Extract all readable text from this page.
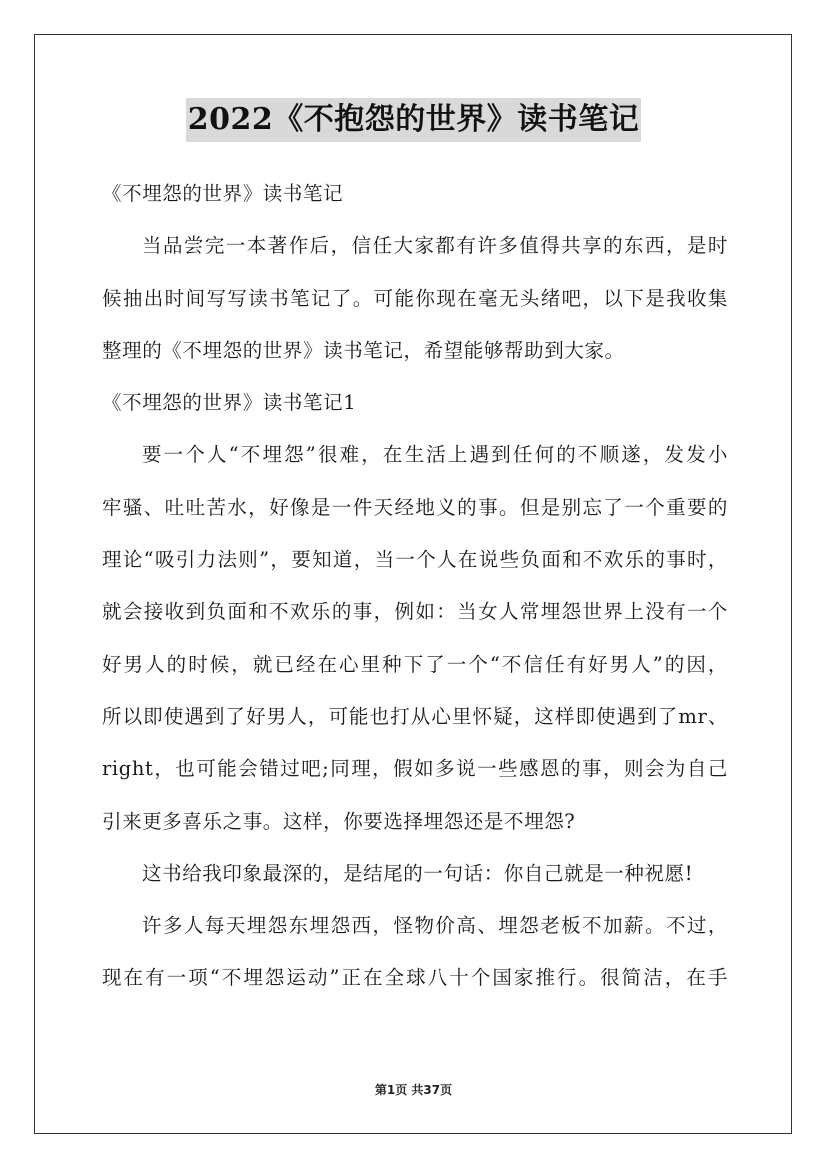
2022《不抱怨的世界》读书笔记
《不埋怨的世界》读书笔记
当品尝完一本著作后，信任大家都有许多值得共享的东西，是时
候抽出时间写写读书笔记了。可能你现在毫无头绪吧，以下是我收集
整理的《不埋怨的世界》读书笔记，希望能够帮助到大家。
《不埋怨的世界》读书笔记1
要一个人“不埋怨”很难，在生活上遇到任何的不顺遂，发发小
牢骚、吐吐苦水，好像是一件天经地义的事。但是别忘了一个重要的
理论“吸引力法则”，要知道，当一个人在说些负面和不欢乐的事时，
就会接收到负面和不欢乐的事，例如：当女人常埋怨世界上没有一个
好男人的时候，就已经在心里种下了一个“不信任有好男人”的因，
所以即使遇到了好男人，可能也打从心里怀疑，这样即使遇到了mr、
right，也可能会错过吧;同理，假如多说一些感恩的事，则会为自己
引来更多喜乐之事。这样，你要选择埋怨还是不埋怨?
这书给我印象最深的，是结尾的一句话：你自己就是一种祝愿!
许多人每天埋怨东埋怨西，怪物价高、埋怨老板不加薪。不过，
现在有一项“不埋怨运动”正在全球八十个国家推行。很简洁，在手
第1页 共37页
